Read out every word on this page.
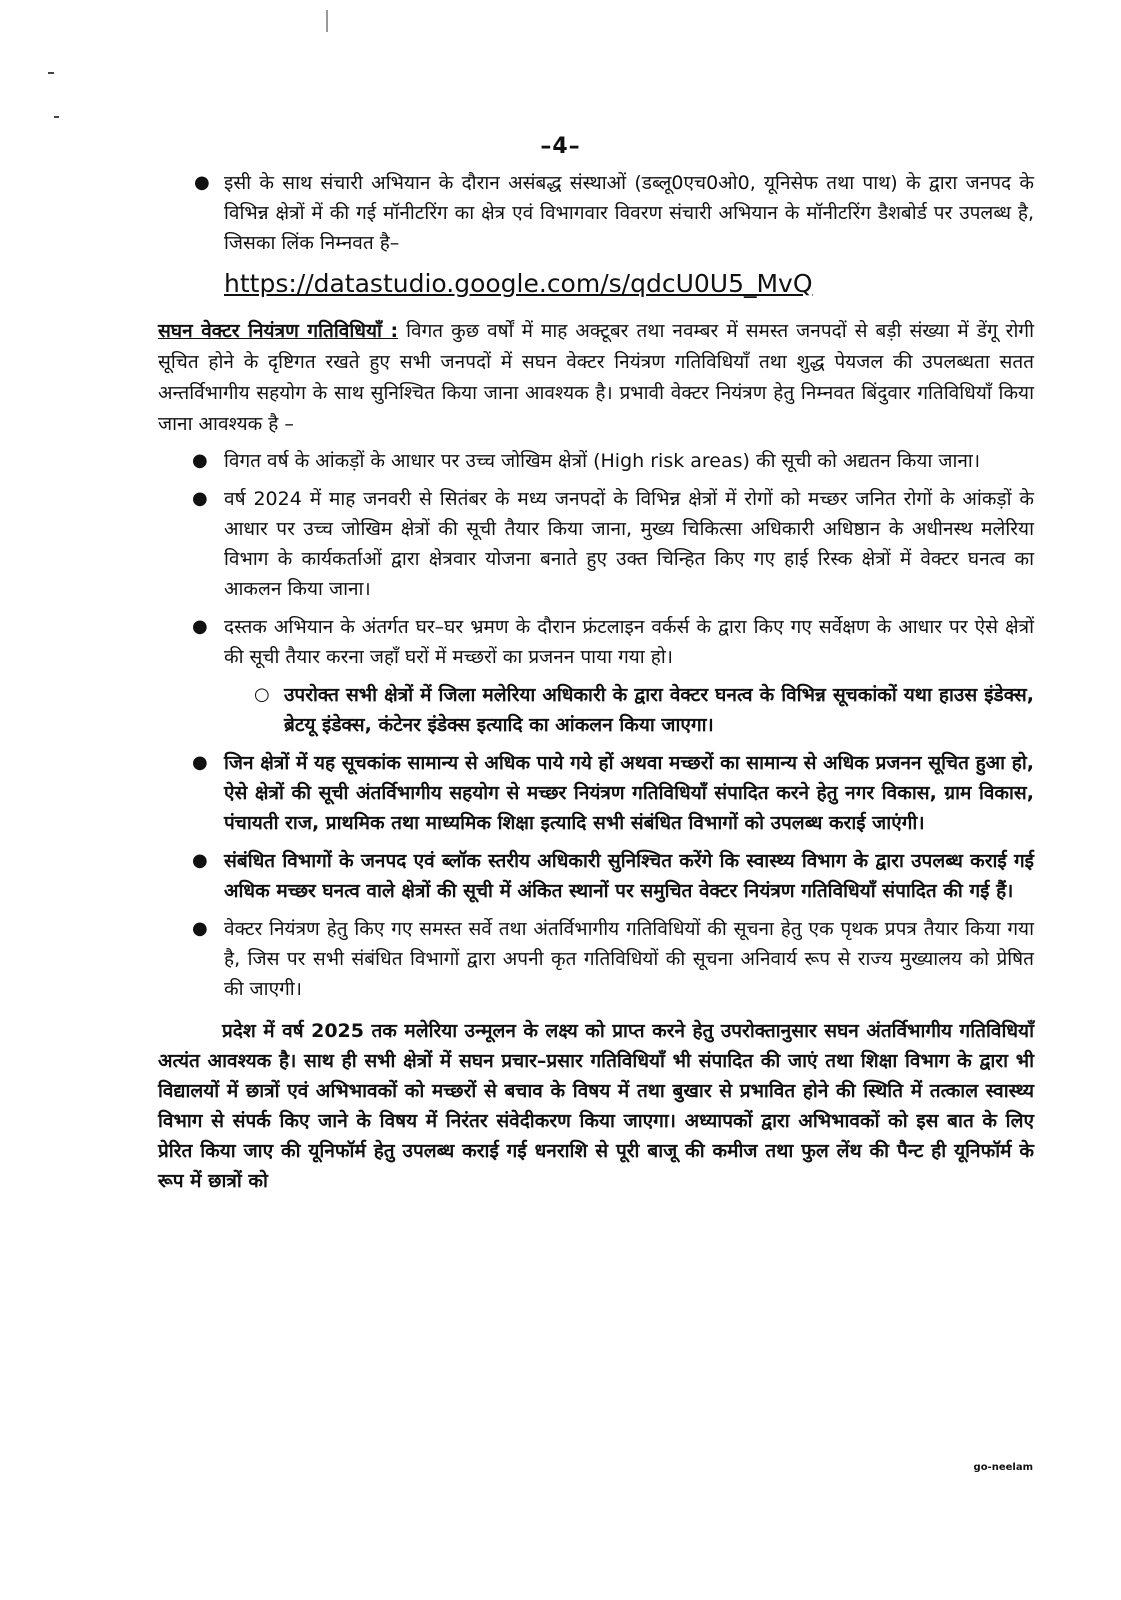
–4–
● इसी के साथ संचारी अभियान के दौरान असंबद्ध संस्थाओं (डब्लू0एच0ओ0, यूनिसेफ तथा पाथ) के द्वारा जनपद के विभिन्न क्षेत्रों में की गई मॉनीटरिंग का क्षेत्र एवं विभागवार विवरण संचारी अभियान के मॉनीटरिंग डैशबोर्ड पर उपलब्ध है, जिसका लिंक निम्नवत है–
https://datastudio.google.com/s/qdcU0U5_MvQ
सघन वेक्टर नियंत्रण गतिविधियाँ : विगत कुछ वर्षों में माह अक्टूबर तथा नवम्बर में समस्त जनपदों से बड़ी संख्या में डेंगू रोगी सूचित होने के दृष्टिगत रखते हुए सभी जनपदों में सघन वेक्टर नियंत्रण गतिविधियाँ तथा शुद्ध पेयजल की उपलब्धता सतत अन्तर्विभागीय सहयोग के साथ सुनिश्चित किया जाना आवश्यक है। प्रभावी वेक्टर नियंत्रण हेतु निम्नवत बिंदुवार गतिविधियाँ किया जाना आवश्यक है –
● विगत वर्ष के आंकड़ों के आधार पर उच्च जोखिम क्षेत्रों (High risk areas) की सूची को अद्यतन किया जाना।
● वर्ष 2024 में माह जनवरी से सितंबर के मध्य जनपदों के विभिन्न क्षेत्रों में रोगों को मच्छर जनित रोगों के आंकड़ों के आधार पर उच्च जोखिम क्षेत्रों की सूची तैयार किया जाना, मुख्य चिकित्सा अधिकारी अधिष्ठान के अधीनस्थ मलेरिया विभाग के कार्यकर्ताओं द्वारा क्षेत्रवार योजना बनाते हुए उक्त चिन्हित किए गए हाई रिस्क क्षेत्रों में वेक्टर घनत्व का आकलन किया जाना।
● दस्तक अभियान के अंतर्गत घर–घर भ्रमण के दौरान फ्रंटलाइन वर्कर्स के द्वारा किए गए सर्वेक्षण के आधार पर ऐसे क्षेत्रों की सूची तैयार करना जहाँ घरों में मच्छरों का प्रजनन पाया गया हो।
○ उपरोक्त सभी क्षेत्रों में जिला मलेरिया अधिकारी के द्वारा वेक्टर घनत्व के विभिन्न सूचकांकों यथा हाउस इंडेक्स, ब्रेटयू इंडेक्स, कंटेनर इंडेक्स इत्यादि का आंकलन किया जाएगा।
● जिन क्षेत्रों में यह सूचकांक सामान्य से अधिक पाये गये हों अथवा मच्छरों का सामान्य से अधिक प्रजनन सूचित हुआ हो, ऐसे क्षेत्रों की सूची अंतर्विभागीय सहयोग से मच्छर नियंत्रण गतिविधियाँ संपादित करने हेतु नगर विकास, ग्राम विकास, पंचायती राज, प्राथमिक तथा माध्यमिक शिक्षा इत्यादि सभी संबंधित विभागों को उपलब्ध कराई जाएंगी।
● संबंधित विभागों के जनपद एवं ब्लॉक स्तरीय अधिकारी सुनिश्चित करेंगे कि स्वास्थ्य विभाग के द्वारा उपलब्ध कराई गई अधिक मच्छर घनत्व वाले क्षेत्रों की सूची में अंकित स्थानों पर समुचित वेक्टर नियंत्रण गतिविधियाँ संपादित की गई हैं।
● वेक्टर नियंत्रण हेतु किए गए समस्त सर्वे तथा अंतर्विभागीय गतिविधियों की सूचना हेतु एक पृथक प्रपत्र तैयार किया गया है, जिस पर सभी संबंधित विभागों द्वारा अपनी कृत गतिविधियों की सूचना अनिवार्य रूप से राज्य मुख्यालय को प्रेषित की जाएगी।
प्रदेश में वर्ष 2025 तक मलेरिया उन्मूलन के लक्ष्य को प्राप्त करने हेतु उपरोक्तानुसार सघन अंतर्विभागीय गतिविधियाँ अत्यंत आवश्यक है। साथ ही सभी क्षेत्रों में सघन प्रचार–प्रसार गतिविधियाँ भी संपादित की जाएं तथा शिक्षा विभाग के द्वारा भी विद्यालयों में छात्रों एवं अभिभावकों को मच्छरों से बचाव के विषय में तथा बुखार से प्रभावित होने की स्थिति में तत्काल स्वास्थ्य विभाग से संपर्क किए जाने के विषय में निरंतर संवेदीकरण किया जाएगा। अध्यापकों द्वारा अभिभावकों को इस बात के लिए प्रेरित किया जाए की यूनिफॉर्म हेतु उपलब्ध कराई गई धनराशि से पूरी बाजू की कमीज तथा फुल लेंथ की पैन्ट ही यूनिफॉर्म के रूप में छात्रों को
go-neelam
